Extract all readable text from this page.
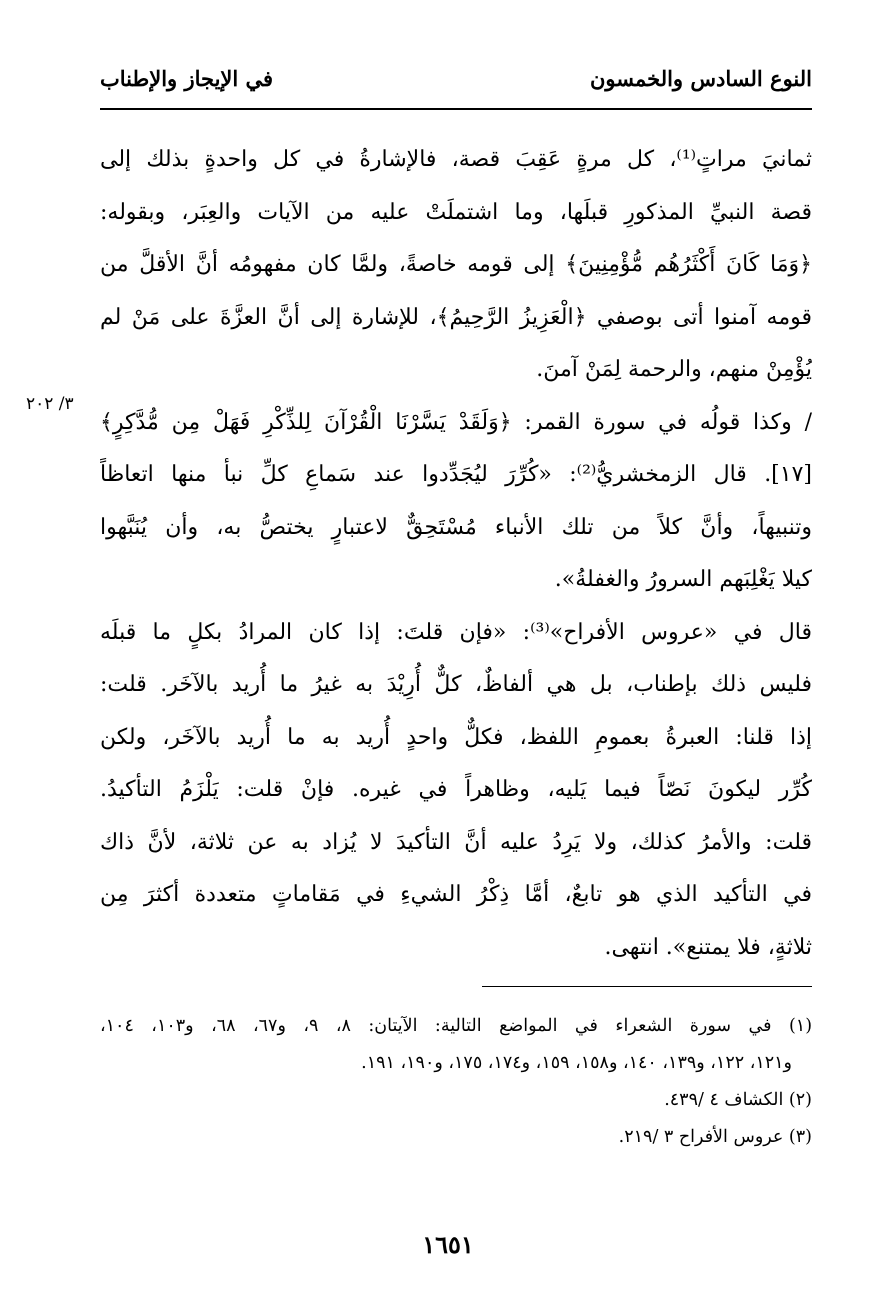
النوع السادس والخمسون
في الإيجاز والإطناب
٣/ ٢٠٢
ثمانيَ مراتٍ⁽¹⁾، كل مرةٍ عَقِبَ قصة، فالإشارةُ في كل واحدةٍ بذلك إلى
قصة النبيِّ المذكورِ قبلَها، وما اشتملَتْ عليه من الآيات والعِبَر، وبقوله:
﴿وَمَا كَانَ أَكْثَرُهُم مُّؤْمِنِينَ﴾ إلى قومه خاصةً، ولمَّا كان مفهومُه أنَّ الأقلَّ من
قومه آمنوا أتى بوصفي ﴿الْعَزِيزُ الرَّحِيمُ﴾، للإشارة إلى أنَّ العزَّةَ على مَنْ لم
يُؤْمِنْ منهم، والرحمة لِمَنْ آمنَ.
/ وكذا قولُه في سورة القمر: ﴿وَلَقَدْ يَسَّرْنَا الْقُرْآنَ لِلذِّكْرِ فَهَلْ مِن مُّدَّكِرٍ﴾
[١٧]. قال الزمخشريُّ⁽²⁾: «كُرِّرَ ليُجَدِّدوا عند سَماعِ كلِّ نبأ منها اتعاظاً
وتنبيهاً، وأنَّ كلاً من تلك الأنباء مُسْتَحِقٌّ لاعتبارٍ يختصُّ به، وأن يُنَبَّهوا
كيلا يَغْلِبَهم السرورُ والغفلةُ».
قال في «عروس الأفراح»⁽³⁾: «فإن قلتَ: إذا كان المرادُ بكلٍ ما قبلَه
فليس ذلك بإطناب، بل هي ألفاظٌ، كلٌّ أُرِيْدَ به غيرُ ما أُريد بالآخَر. قلت:
إذا قلنا: العبرةُ بعمومِ اللفظ، فكلٌّ واحدٍ أُريد به ما أُريد بالآخَر، ولكن
كُرِّر ليكونَ نَصّاً فيما يَليه، وظاهراً في غيره. فإنْ قلت: يَلْزَمُ التأكيدُ.
قلت: والأمرُ كذلك، ولا يَرِدُ عليه أنَّ التأكيدَ لا يُزاد به عن ثلاثة، لأنَّ ذاك
في التأكيد الذي هو تابعٌ، أمَّا ذِكْرُ الشيءِ في مَقاماتٍ متعددة أكثرَ مِن
ثلاثةٍ، فلا يمتنع». انتهى.
(١) في سورة الشعراء في المواضع التالية: الآيتان: ٨، ٩، و٦٧، ٦٨، و١٠٣، ١٠٤،
و١٢١، ١٢٢، و١٣٩، ١٤٠، و١٥٨، ١٥٩، و١٧٤، ١٧٥، و١٩٠، ١٩١.
(٢) الكشاف ٤ /٤٣٩.
(٣) عروس الأفراح ٣ /٢١٩.
١٦٥١
